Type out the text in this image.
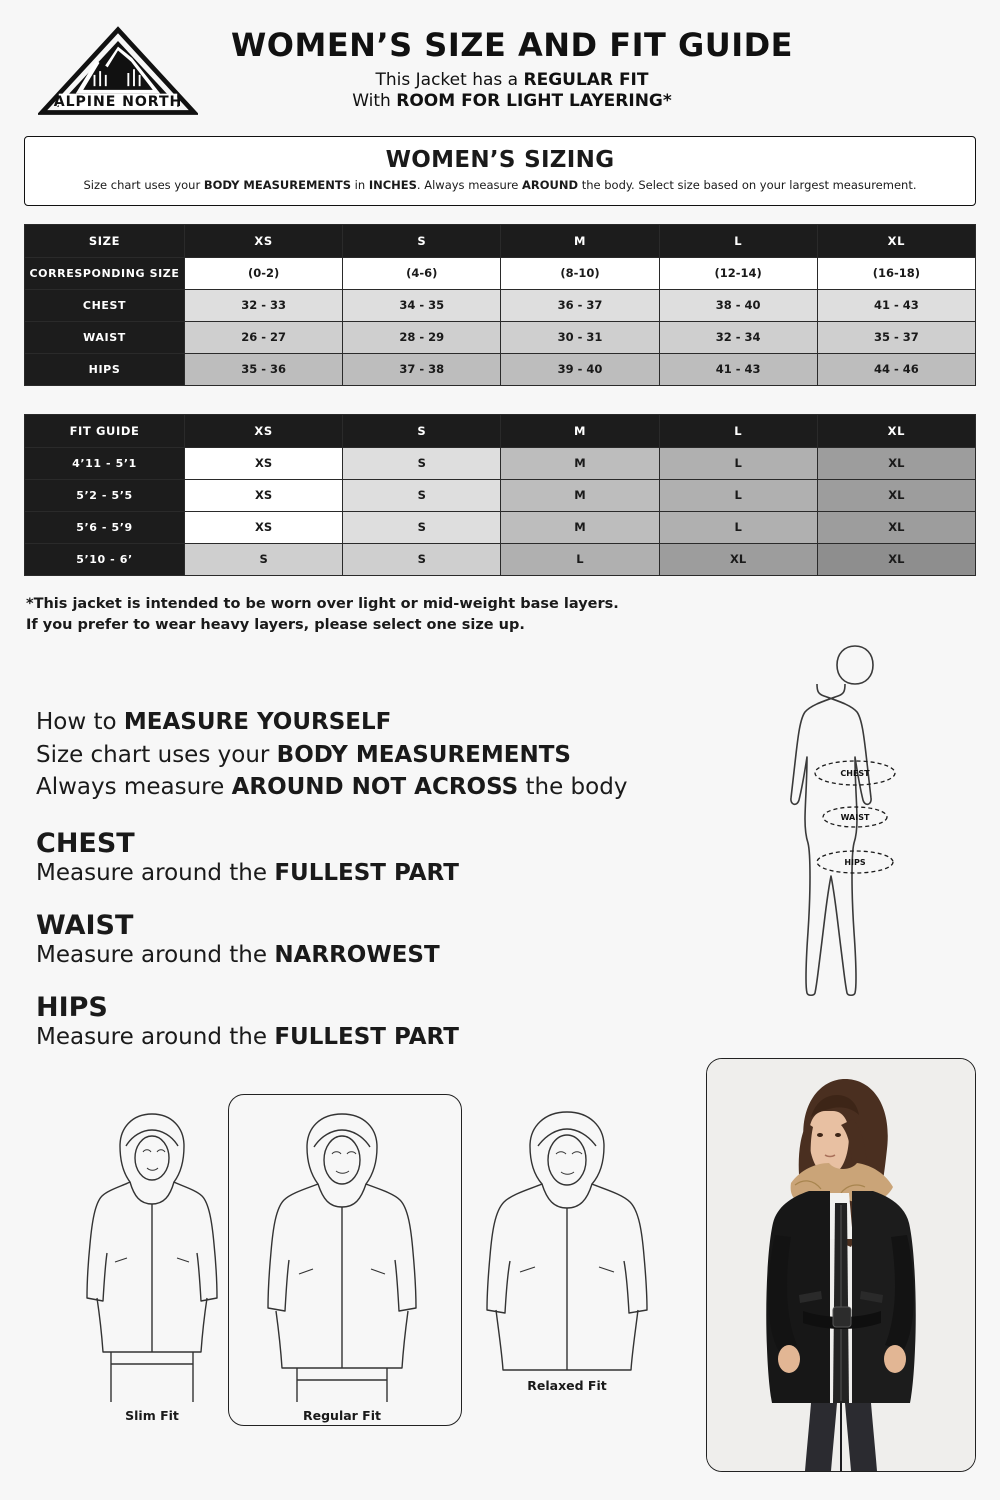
ALPINE NORTH
WOMEN’S SIZE AND FIT GUIDE
This Jacket has a REGULAR FIT
With ROOM FOR LIGHT LAYERING*
WOMEN’S SIZING
Size chart uses your BODY MEASUREMENTS in INCHES. Always measure AROUND the body. Select size based on your largest measurement.
SIZE	XS	S	M	L	XL
CORRESPONDING SIZE	(0-2)	(4-6)	(8-10)	(12-14)	(16-18)
CHEST	32 - 33	34 - 35	36 - 37	38 - 40	41 - 43
WAIST	26 - 27	28 - 29	30 - 31	32 - 34	35 - 37
HIPS	35 - 36	37 - 38	39 - 40	41 - 43	44 - 46
FIT GUIDE	XS	S	M	L	XL
4’11 - 5’1	XS	S	M	L	XL
5’2 - 5’5	XS	S	M	L	XL
5’6 - 5’9	XS	S	M	L	XL
5’10 - 6’	S	S	L	XL	XL
*This jacket is intended to be worn over light or mid-weight base layers.
If you prefer to wear heavy layers, please select one size up.
How to MEASURE YOURSELF
Size chart uses your BODY MEASUREMENTS
Always measure AROUND NOT ACROSS the body
CHEST
Measure around the FULLEST PART
WAIST
Measure around the NARROWEST
HIPS
Measure around the FULLEST PART
CHEST
WAIST
HIPS
Slim Fit	Regular Fit
Relaxed Fit
